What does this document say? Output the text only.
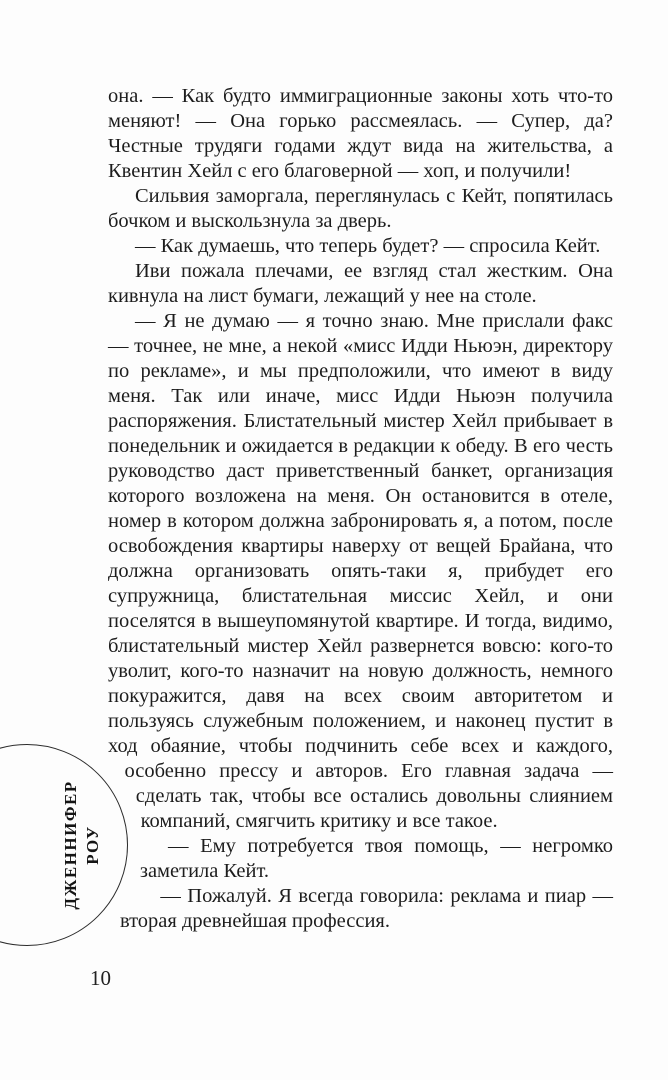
ДЖЕННИФЕР РОУ

она. — Как будто иммиграционные законы хоть что-то меняют! — Она горько рассмеялась. — Супер, да? Честные трудяги годами ждут вида на жительства, а Квентин Хейл с его благоверной — хоп, и получили!

Сильвия заморгала, переглянулась с Кейт, попятилась бочком и выскользнула за дверь.

— Как думаешь, что теперь будет? — спросила Кейт.

Иви пожала плечами, ее взгляд стал жестким. Она кивнула на лист бумаги, лежащий у нее на столе.

— Я не думаю — я точно знаю. Мне прислали факс — точнее, не мне, а некой «мисс Идди Ньюэн, директору по рекламе», и мы предположили, что имеют в виду меня. Так или иначе, мисс Идди Ньюэн получила распоряжения. Блистательный мистер Хейл прибывает в понедельник и ожидается в редакции к обеду. В его честь руководство даст приветственный банкет, организация которого возложена на меня. Он остановится в отеле, номер в котором должна забронировать я, а потом, после освобождения квартиры наверху от вещей Брайана, что должна организовать опять-таки я, прибудет его супружница, блистательная миссис Хейл, и они поселятся в вышеупомянутой квартире. И тогда, видимо, блистательный мистер Хейл развернется вовсю: кого-то уволит, кого-то назначит на новую должность, немного покуражится, давя на всех своим авторитетом и пользуясь служебным положением, и наконец пустит в ход обаяние, чтобы подчинить себе всех и каждого, особенно прессу и авторов. Его главная задача — сделать так, чтобы все остались довольны слиянием компаний, смягчить критику и все такое.

— Ему потребуется твоя помощь, — негромко заметила Кейт.

— Пожалуй. Я всегда говорила: реклама и пиар — вторая древнейшая профессия.

10
